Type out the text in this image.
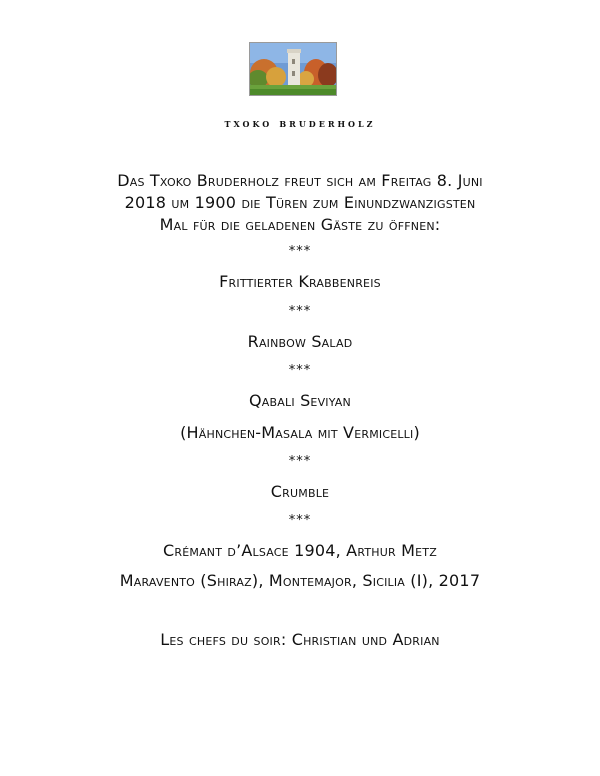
txoko bruderholz
Das Txoko Bruderholz freut sich am Freitag 8. Juni
2018 um 1900 die Türen zum Einundzwanzigsten
Mal für die geladenen Gäste zu öffnen:
***
Frittierter Krabbenreis
***
Rainbow Salad
***
Qabali Seviyan
(Hähnchen-Masala mit Vermicelli)
***
Crumble
***
Crémant d’Alsace 1904, Arthur Metz
Maravento (Shiraz), Montemajor, Sicilia (I), 2017
Les chefs du soir: Christian und Adrian
